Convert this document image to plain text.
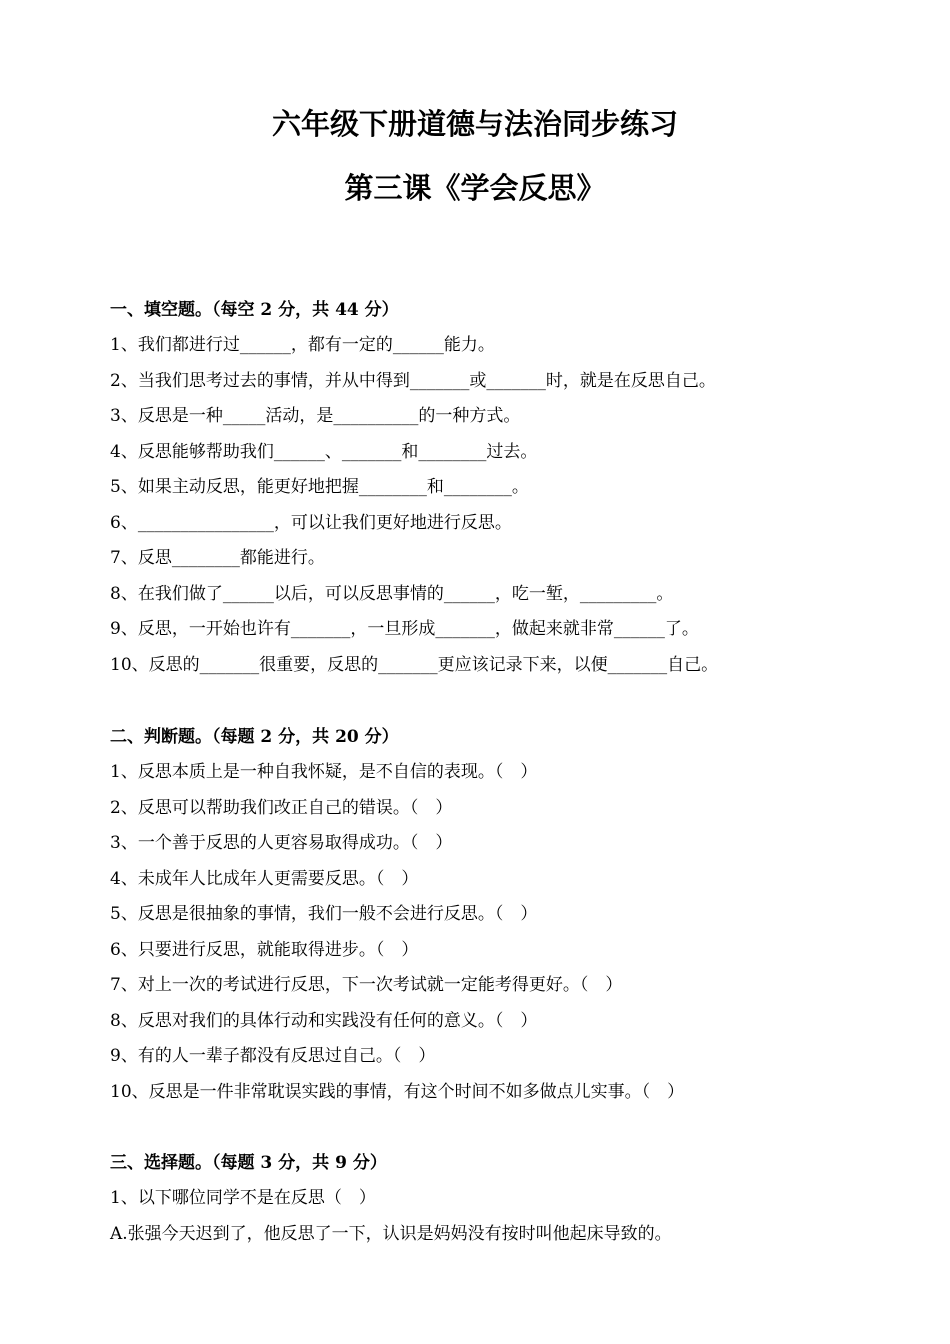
六年级下册道德与法治同步练习
第三课《学会反思》
一、填空题。（每空 2 分，共 44 分）
1、我们都进行过______，都有一定的______能力。
2、当我们思考过去的事情，并从中得到_______或_______时，就是在反思自己。
3、反思是一种_____活动，是__________的一种方式。
4、反思能够帮助我们______、_______和________过去。
5、如果主动反思，能更好地把握________和________。
6、________________，可以让我们更好地进行反思。
7、反思________都能进行。
8、在我们做了______以后，可以反思事情的______，吃一堑，_________。
9、反思，一开始也许有_______，一旦形成_______，做起来就非常______了。
10、反思的_______很重要，反思的_______更应该记录下来，以便_______自己。
二、判断题。（每题 2 分，共 20 分）
1、反思本质上是一种自我怀疑，是不自信的表现。（　）
2、反思可以帮助我们改正自己的错误。（　）
3、一个善于反思的人更容易取得成功。（　）
4、未成年人比成年人更需要反思。（　）
5、反思是很抽象的事情，我们一般不会进行反思。（　）
6、只要进行反思，就能取得进步。（　）
7、对上一次的考试进行反思，下一次考试就一定能考得更好。（　）
8、反思对我们的具体行动和实践没有任何的意义。（　）
9、有的人一辈子都没有反思过自己。（　）
10、反思是一件非常耽误实践的事情，有这个时间不如多做点儿实事。（　）
三、选择题。（每题 3 分，共 9 分）
1、以下哪位同学不是在反思（　）
A.张强今天迟到了，他反思了一下，认识是妈妈没有按时叫他起床导致的。
